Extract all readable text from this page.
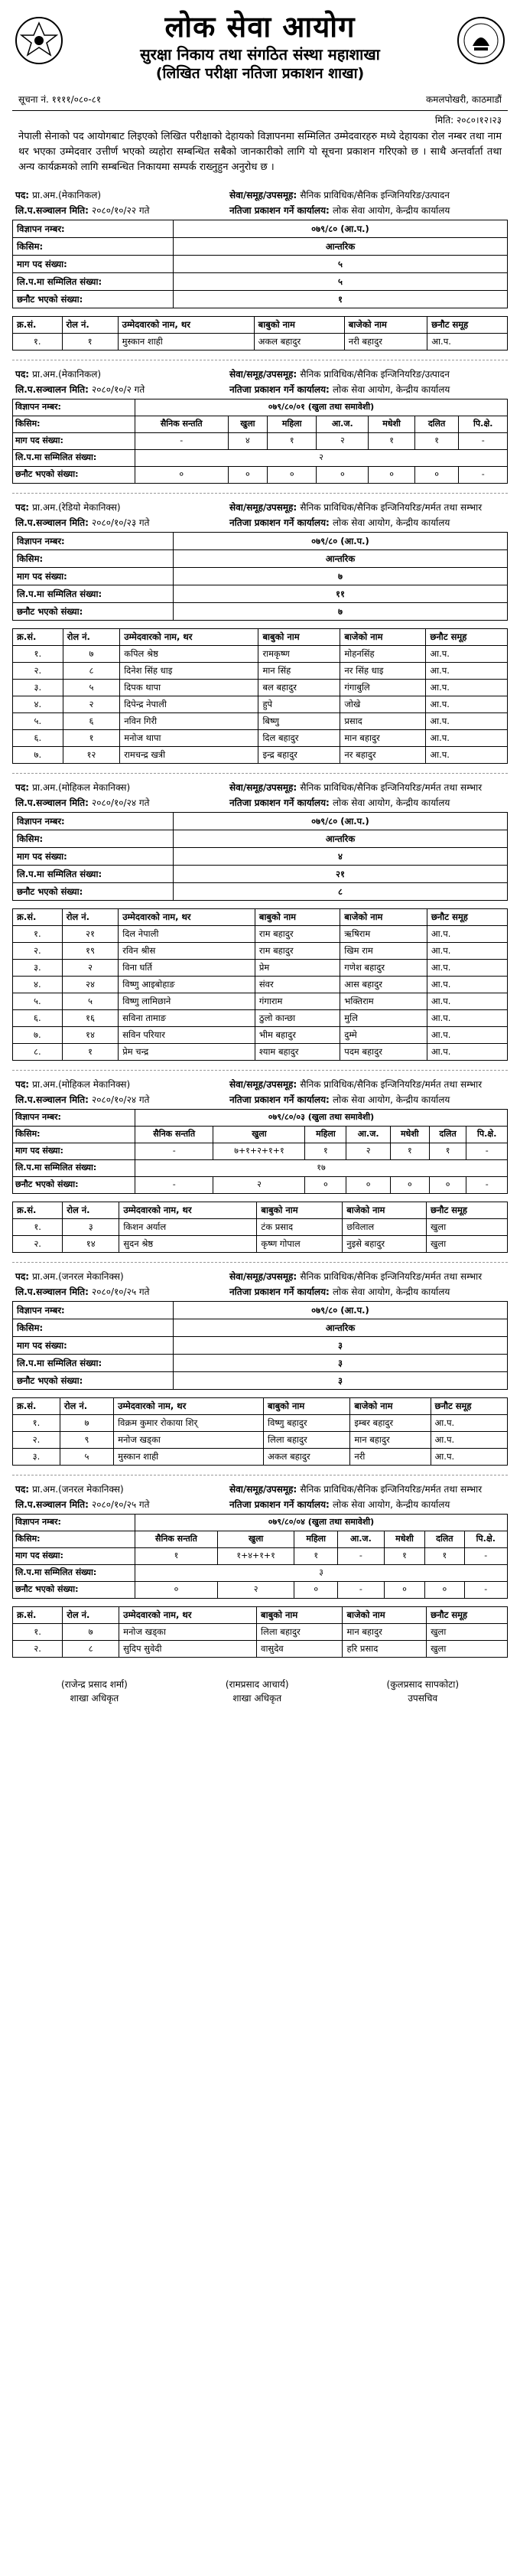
लोक सेवा आयोग
सुरक्षा निकाय तथा संगठित संस्था महाशाखा
(लिखित परीक्षा नतिजा प्रकाशन शाखा)
सूचना नं. ११११/०८०-८१	कमलपोखरी, काठमाडौं
मिति: २०८०।१२।२३
नेपाली सेनाको पद आयोगबाट लिइएको लिखित परीक्षाको देहायको विज्ञापनमा सम्मिलित उम्मेदवारहरु मध्ये देहायका रोल नम्बर तथा नाम थर भएका उम्मेदवार उत्तीर्ण भएको व्यहोरा सम्बन्धित सबैको जानकारीको लागि यो सूचना प्रकाशन गरिएको छ । साथै अन्तर्वार्ता तथा अन्य कार्यक्रमको लागि सम्बन्धित निकायमा सम्पर्क राख्नुहुन अनुरोध छ ।
पद: प्रा.अम.(मेकानिकल)	सेवा/समूह/उपसमूह: सैनिक प्राविधिक/सैनिक इन्जिनियरिङ/उत्पादन
लि.प.सञ्चालन मिति: २०८०/१०/२२ गते	नतिजा प्रकाशन गर्ने कार्यालय: लोक सेवा आयोग, केन्द्रीय कार्यालय
विज्ञापन नम्बर:	०७९/८० (आ.प.)
किसिम:	आन्तरिक
माग पद संख्या:	५
लि.प.मा सम्मिलित संख्या:	५
छनौट भएको संख्या:	१
क्र.सं.	रोल नं.	उम्मेदवारको नाम, थर	बाबुको नाम	बाजेको नाम	छनौट समूह
१.	१	मुस्कान शाही	अकल बहादुर	नरी बहादुर	आ.प.
पद: प्रा.अम.(मेकानिकल)	सेवा/समूह/उपसमूह: सैनिक प्राविधिक/सैनिक इन्जिनियरिङ/उत्पादन
लि.प.सञ्चालन मिति: २०८०/१०/२ गते	नतिजा प्रकाशन गर्ने कार्यालय: लोक सेवा आयोग, केन्द्रीय कार्यालय
विज्ञापन नम्बर:	०७९/८०/०१ (खुला तथा समावेशी)						
किसिम:	सैनिक सन्तति	खुला	महिला	आ.ज.	मधेशी	दलित	पि.क्षे.
माग पद संख्या:	-	४	१	२	१	१	-
लि.प.मा सम्मिलित संख्या:	२						
छनौट भएको संख्या:	०	०	०	०	०	०	-
पद: प्रा.अम.(रेडियो मेकानिक्स)	सेवा/समूह/उपसमूह: सैनिक प्राविधिक/सैनिक इन्जिनियरिङ/मर्मत तथा सम्भार
लि.प.सञ्चालन मिति: २०८०/१०/२३ गते	नतिजा प्रकाशन गर्ने कार्यालय: लोक सेवा आयोग, केन्द्रीय कार्यालय
विज्ञापन नम्बर:	०७९/८० (आ.प.)
किसिम:	आन्तरिक
माग पद संख्या:	७
लि.प.मा सम्मिलित संख्या:	११
छनौट भएको संख्या:	७
क्र.सं.	रोल नं.	उम्मेदवारको नाम, थर	बाबुको नाम	बाजेको नाम	छनौट समूह
१.	७	कपिल श्रेष्ठ	रामकृष्ण	मोहनसिंह	आ.प.
२.	८	दिनेश सिंह धाइ	मान सिंह	नर सिंह धाइ	आ.प.
३.	५	दिपक थापा	बल बहादुर	गंगाबुलि	आ.प.
४.	२	दिपेन्द्र नेपाली	हुपे	जोखे	आ.प.
५.	६	नविन गिरी	बिष्णु	प्रसाद	आ.प.
६.	१	मनोज थापा	दिल बहादुर	मान बहादुर	आ.प.
७.	१२	रामचन्द्र खत्री	इन्द्र बहादुर	नर बहादुर	आ.प.
पद: प्रा.अम.(मोहिकल मेकानिक्स)	सेवा/समूह/उपसमूह: सैनिक प्राविधिक/सैनिक इन्जिनियरिङ/मर्मत तथा सम्भार
लि.प.सञ्चालन मिति: २०८०/१०/२४ गते	नतिजा प्रकाशन गर्ने कार्यालय: लोक सेवा आयोग, केन्द्रीय कार्यालय
विज्ञापन नम्बर:	०७९/८० (आ.प.)
किसिम:	आन्तरिक
माग पद संख्या:	४
लि.प.मा सम्मिलित संख्या:	२१
छनौट भएको संख्या:	८
क्र.सं.	रोल नं.	उम्मेदवारको नाम, थर	बाबुको नाम	बाजेको नाम	छनौट समूह
१.	२१	दिल नेपाली	राम बहादुर	ऋषिराम	आ.प.
२.	१९	रविन श्रीस	राम बहादुर	खिम राम	आ.प.
३.	२	विना घर्ति	प्रेम	गणेश बहादुर	आ.प.
४.	२४	विष्णु आइबोहाङ	संवर	आस बहादुर	आ.प.
५.	५	विष्णु लामिछाने	गंगाराम	भक्तिराम	आ.प.
६.	१६	सविना तामाङ	ठुलो कान्छा	मुलि	आ.प.
७.	१४	सविन परियार	भीम बहादुर	दुम्मे	आ.प.
८.	१	प्रेम चन्द्र	श्याम बहादुर	पदम बहादुर	आ.प.
पद: प्रा.अम.(मोहिकल मेकानिक्स)	सेवा/समूह/उपसमूह: सैनिक प्राविधिक/सैनिक इन्जिनियरिङ/मर्मत तथा सम्भार
लि.प.सञ्चालन मिति: २०८०/१०/२४ गते	नतिजा प्रकाशन गर्ने कार्यालय: लोक सेवा आयोग, केन्द्रीय कार्यालय
विज्ञापन नम्बर:	०७९/८०/०३ (खुला तथा समावेशी)						
किसिम:	सैनिक सन्तति	खुला	महिला	आ.ज.	मधेशी	दलित	पि.क्षे.
माग पद संख्या:	-	७+१+२+१+१	१	२	१	१	-
लि.प.मा सम्मिलित संख्या:	१७						
छनौट भएको संख्या:	-	२	०	०	०	०	-
क्र.सं.	रोल नं.	उम्मेदवारको नाम, थर	बाबुको नाम	बाजेको नाम	छनौट समूह
१.	३	किशन अर्याल	टंक प्रसाद	छविलाल	खुला
२.	१४	सुदन श्रेष्ठ	कृष्ण गोपाल	नुइसे बहादुर	खुला
पद: प्रा.अम.(जनरल मेकानिक्स)	सेवा/समूह/उपसमूह: सैनिक प्राविधिक/सैनिक इन्जिनियरिङ/मर्मत तथा सम्भार
लि.प.सञ्चालन मिति: २०८०/१०/२५ गते	नतिजा प्रकाशन गर्ने कार्यालय: लोक सेवा आयोग, केन्द्रीय कार्यालय
विज्ञापन नम्बर:	०७९/८० (आ.प.)
किसिम:	आन्तरिक
माग पद संख्या:	३
लि.प.मा सम्मिलित संख्या:	३
छनौट भएको संख्या:	३
क्र.सं.	रोल नं.	उम्मेदवारको नाम, थर	बाबुको नाम	बाजेको नाम	छनौट समूह
१.	७	विक्रम कुमार रोकाया शिर्	विष्णु बहादुर	इम्बर बहादुर	आ.प.
२.	९	मनोज खड्का	लिला बहादुर	मान बहादुर	आ.प.
३.	५	मुस्कान शाही	अकल बहादुर	नरी	आ.प.
पद: प्रा.अम.(जनरल मेकानिक्स)	सेवा/समूह/उपसमूह: सैनिक प्राविधिक/सैनिक इन्जिनियरिङ/मर्मत तथा सम्भार
लि.प.सञ्चालन मिति: २०८०/१०/२५ गते	नतिजा प्रकाशन गर्ने कार्यालय: लोक सेवा आयोग, केन्द्रीय कार्यालय
विज्ञापन नम्बर:	०७९/८०/०४ (खुला तथा समावेशी)						
किसिम:	सैनिक सन्तति	खुला	महिला	आ.ज.	मधेशी	दलित	पि.क्षे.
माग पद संख्या:	१	१+४+१+१	१	-	१	१	-
लि.प.मा सम्मिलित संख्या:	३						
छनौट भएको संख्या:	०	२	०	-	०	०	-
क्र.सं.	रोल नं.	उम्मेदवारको नाम, थर	बाबुको नाम	बाजेको नाम	छनौट समूह
१.	७	मनोज खड्का	लिला बहादुर	मान बहादुर	खुला
२.	८	सुदिप सुवेदी	वासुदेव	हरि प्रसाद	खुला
(राजेन्द्र प्रसाद शर्मा)
शाखा अधिकृत
(रामप्रसाद आचार्य)
शाखा अधिकृत
(कुलप्रसाद सापकोटा)
उपसचिव
